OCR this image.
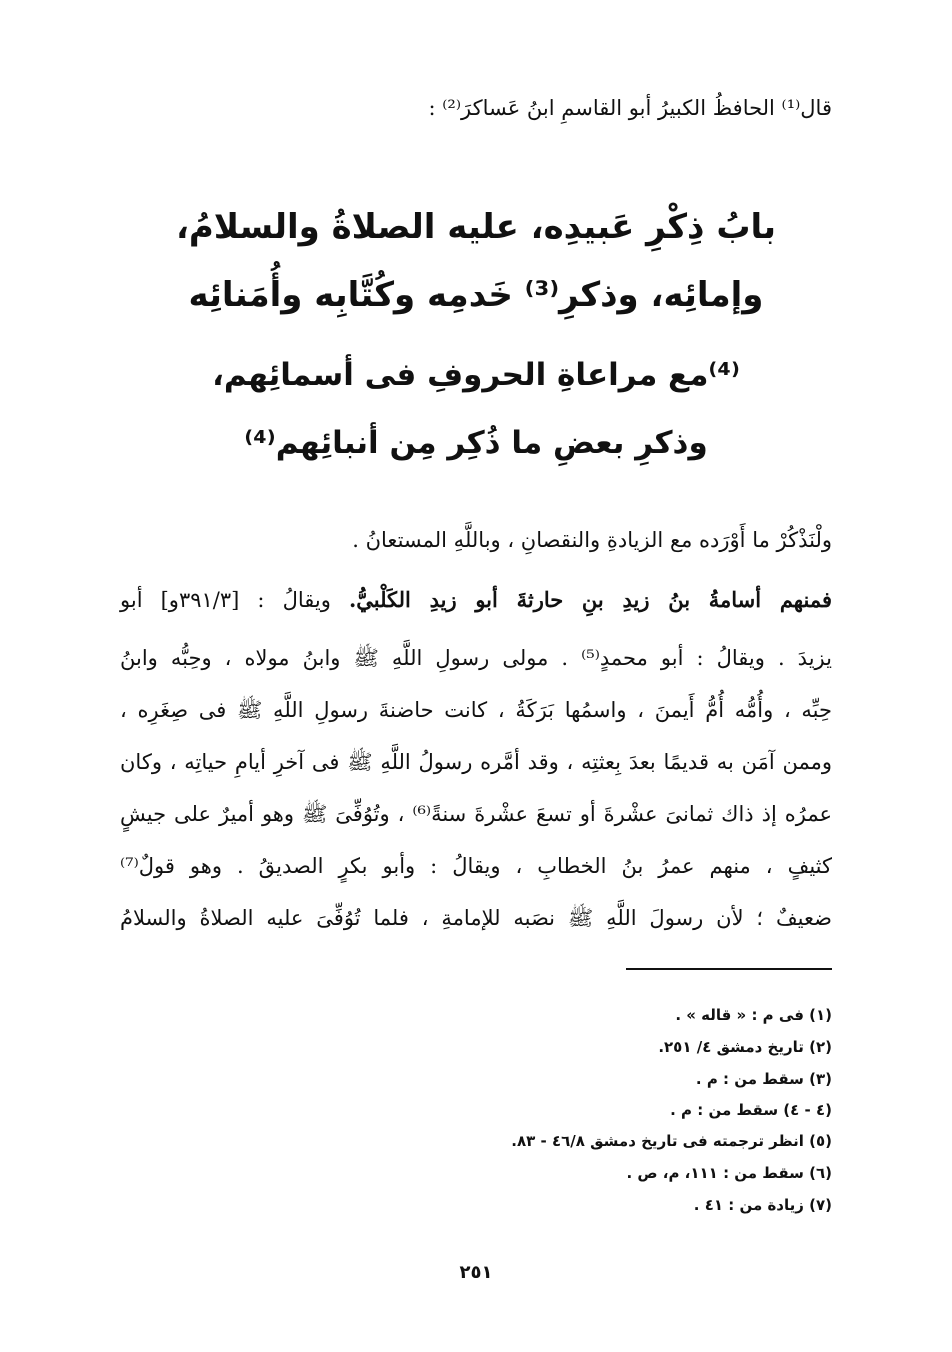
قال⁽¹⁾ الحافظُ الكبيرُ أبو القاسمِ ابنُ عَساكرَ⁽²⁾ :
بابُ ذِكْرِ عَبيدِه، عليه الصلاةُ والسلامُ،
وإمائِه، وذكرِ⁽³⁾ خَدمِه وكُتَّابِه وأُمَنائِه
⁽⁴⁾مع مراعاةِ الحروفِ فى أسمائِهم،
وذكرِ بعضِ ما ذُكِر مِن أنبائِهم⁽⁴⁾
ولْنَذْكُرْ ما أَوْرَده مع الزيادةِ والنقصانِ ، وباللَّهِ المستعانُ .
فمنهم أسامةُ بنُ زيدِ بنِ حارثةَ أبو زيدِ الكَلْبيُّ. ويقالُ : [٣٩١/٣و] أبو
يزيدَ . ويقالُ : أبو محمدٍ⁽⁵⁾ . مولى رسولِ اللَّهِ ﷺ وابنُ مولاه ، وحِبُّه وابنُ
حِبِّه ، وأُمُّه أُمُّ أَيمنَ ، واسمُها بَرَكَةُ ، كانت حاضنةَ رسولِ اللَّهِ ﷺ فى صِغَرِه ،
وممن آمَن به قديمًا بعدَ بِعثتِه ، وقد أمَّره رسولُ اللَّهِ ﷺ فى آخرِ أيامِ حياتِه ، وكان
عمرُه إذ ذاك ثمانىَ عشْرةَ أو تسعَ عشْرةَ سنةً⁽⁶⁾ ، وتُوُفِّىَ ﷺ وهو أميرٌ على جيشٍ
كثيفٍ ، منهم عمرُ بنُ الخطابِ ، ويقالُ : وأبو بكرٍ الصديقُ . وهو قولٌ⁽⁷⁾
ضعيفٌ ؛ لأن رسولَ اللَّهِ ﷺ نصَبه للإمامةِ ، فلما تُوُفِّىَ عليه الصلاةُ والسلامُ
(١) فى م : « قاله » .
(٢) تاريخ دمشق ٤/ ٢٥١.
(٣) سقط من : م .
(٤ - ٤) سقط من : م .
(٥) انظر ترجمته فى تاريخ دمشق ٤٦/٨ - ٨٣.
(٦) سقط من : ١١١، م، ص .
(٧) زيادة من : ٤١ .
٢٥١
